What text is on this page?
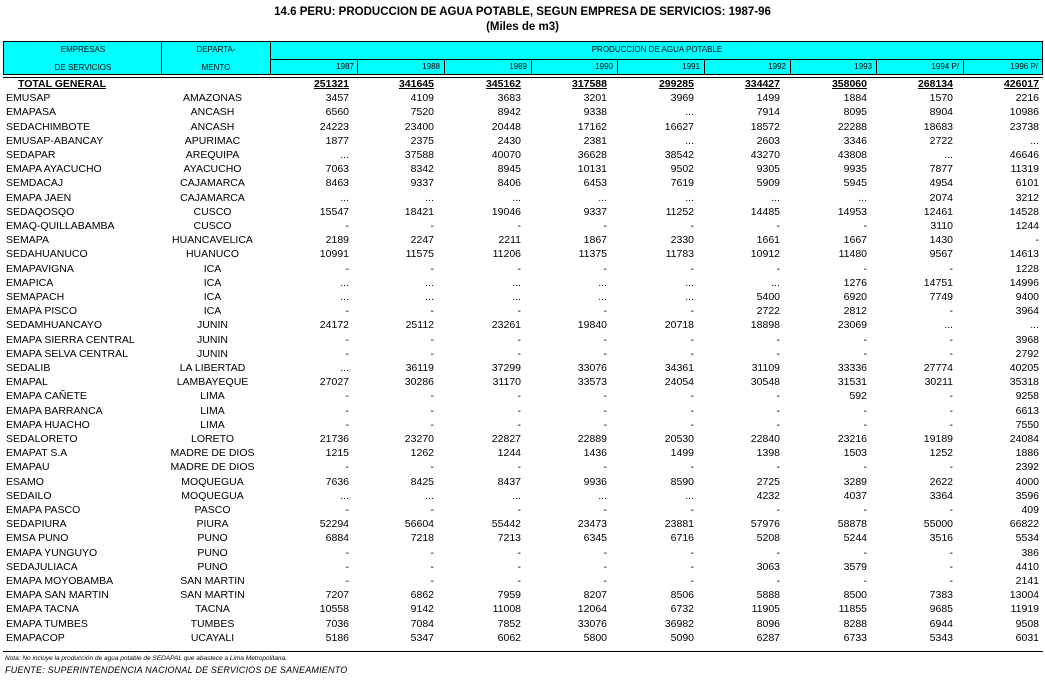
14.6 PERU: PRODUCCION DE AGUA POTABLE, SEGUN EMPRESA DE SERVICIOS: 1987-96
(Miles de m3)
EMPRESAS
DE SERVICIOS
DEPARTA-
MENTO
PRODUCCION DE AGUA POTABLE
1987	1988	1989	1990	1991	1992	1993	1994 P/	1996 P/
TOTAL GENERAL	251321	341645	345162	317588	299285	334427	358060	268134	426017
EMUSAP	AMAZONAS	3457	4109	3683	3201	3969	1499	1884	1570	2216
EMAPASA	ANCASH	6560	7520	8942	9338	...	7914	8095	8904	10986
SEDACHIMBOTE	ANCASH	24223	23400	20448	17162	16627	18572	22288	18683	23738
EMUSAP-ABANCAY	APURIMAC	1877	2375	2430	2381	...	2603	3346	2722	...
SEDAPAR	AREQUIPA	...	37588	40070	36628	38542	43270	43808	...	46646
EMAPA AYACUCHO	AYACUCHO	7063	8342	8945	10131	9502	9305	9935	7877	11319
SEMDACAJ	CAJAMARCA	8463	9337	8406	6453	7619	5909	5945	4954	6101
EMAPA JAEN	CAJAMARCA	...	...	...	...	...	...	...	2074	3212
SEDAQOSQO	CUSCO	15547	18421	19046	9337	11252	14485	14953	12461	14528
EMAQ-QUILLABAMBA	CUSCO	-	-	-	-	-	-	-	3110	1244
SEMAPA	HUANCAVELICA	2189	2247	2211	1867	2330	1661	1667	1430	-
SEDAHUANUCO	HUANUCO	10991	11575	11206	11375	11783	10912	11480	9567	14613
EMAPAVIGNA	ICA	-	-	-	-	-	-	-	-	1228
EMAPICA	ICA	...	...	...	...	...	...	1276	14751	14996
SEMAPACH	ICA	...	...	...	...	...	5400	6920	7749	9400
EMAPA PISCO	ICA	-	-	-	-	-	2722	2812	-	3964
SEDAMHUANCAYO	JUNIN	24172	25112	23261	19840	20718	18898	23069	...	...
EMAPA SIERRA CENTRAL	JUNIN	-	-	-	-	-	-	-	-	3968
EMAPA SELVA CENTRAL	JUNIN	-	-	-	-	-	-	-	-	2792
SEDALIB	LA LIBERTAD	...	36119	37299	33076	34361	31109	33336	27774	40205
EMAPAL	LAMBAYEQUE	27027	30286	31170	33573	24054	30548	31531	30211	35318
EMAPA CAÑETE	LIMA	-	-	-	-	-	-	592	-	9258
EMAPA BARRANCA	LIMA	-	-	-	-	-	-	-	-	6613
EMAPA HUACHO	LIMA	-	-	-	-	-	-	-	-	7550
SEDALORETO	LORETO	21736	23270	22827	22889	20530	22840	23216	19189	24084
EMAPAT S.A	MADRE DE DIOS	1215	1262	1244	1436	1499	1398	1503	1252	1886
EMAPAU	MADRE DE DIOS	-	-	-	-	-	-	-	-	2392
ESAMO	MOQUEGUA	7636	8425	8437	9936	8590	2725	3289	2622	4000
SEDAILO	MOQUEGUA	...	...	...	...	...	4232	4037	3364	3596
EMAPA PASCO	PASCO	-	-	-	-	-	-	-	-	409
SEDAPIURA	PIURA	52294	56604	55442	23473	23881	57976	58878	55000	66822
EMSA PUNO	PUNO	6884	7218	7213	6345	6716	5208	5244	3516	5534
EMAPA YUNGUYO	PUNO	-	-	-	-	-	-	-	-	386
SEDAJULIACA	PUNO	-	-	-	-	-	3063	3579	-	4410
EMAPA MOYOBAMBA	SAN MARTIN	-	-	-	-	-	-	-	-	2141
EMAPA SAN MARTIN	SAN MARTIN	7207	6862	7959	8207	8506	5888	8500	7383	13004
EMAPA TACNA	TACNA	10558	9142	11008	12064	6732	11905	11855	9685	11919
EMAPA TUMBES	TUMBES	7036	7084	7852	33076	36982	8096	8288	6944	9508
EMAPACOP	UCAYALI	5186	5347	6062	5800	5090	6287	6733	5343	6031
Nota: No incluye la producción de agua potable de SEDAPAL que abastece a Lima Metropolitana.
FUENTE: SUPERINTENDENCIA NACIONAL DE SERVICIOS DE SANEAMIENTO
